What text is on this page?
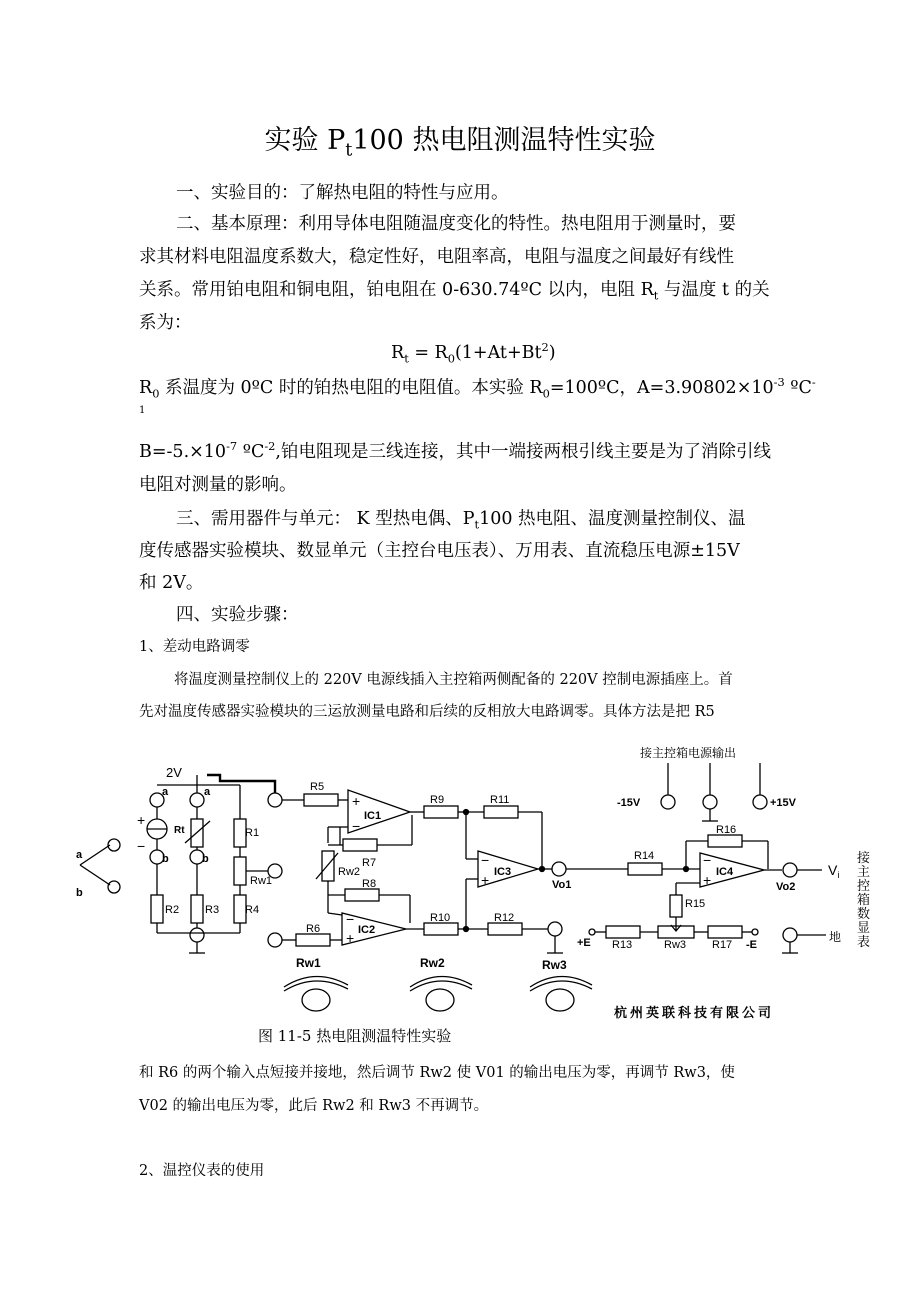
实验 $P_t100$ 热电阻测温特性实验
一、实验目的：了解热电阻的特性与应用。
二、基本原理：利用导体电阻随温度变化的特性。热电阻用于测量时，要
求其材料电阻温度系数大，稳定性好，电阻率高，电阻与温度之间最好有线性
关系。常用铂电阻和铜电阻，铂电阻在 0-630.74ºC 以内，电阻 $R_t$ 与温度 t 的关
系为：
$R_t = R_0(1+At+Bt^2)$
$R_0$ 系温度为 0ºC 时的铂热电阻的电阻值。本实验 $R_0=100ºC$，$A=3.90802\times 10^{-3}$ ºC-
1
$B=-5.\times 10^{-7}$ ºC$^{-2}$,铂电阻现是三线连接，其中一端接两根引线主要是为了消除引线
电阻对测量的影响。
三、需用器件与单元： K 型热电偶、$P_t100$ 热电阻、温度测量控制仪、温
度传感器实验模块、数显单元（主控台电压表）、万用表、直流稳压电源±15V
和 2V。
四、实验步骤：
1、差动电路调零
将温度测量控制仪上的 220V 电源线插入主控箱两侧配备的 220V 控制电源插座上。首
先对温度传感器实验模块的三运放测量电路和后续的反相放大电路调零。具体方法是把 R5
+
−
−
+
−
+
−
+
+
−
2V
a	a
b	b
a
b
Rt	R1
R2 R3 R4
Rw1
R5
R6
R7
R8
Rw2
R9
R10
R11
R12
R13
R14
R15
R16
R17
Rw3
IC1
IC2
IC3	IC4
Vo1	Vo2
-15V	+15V
+E	-E
$V_i$
地
接主控箱电源输出
Rw1	Rw2	Rw3
杭州英联科技有限公司
接主控箱数显表
图 11-5 热电阻测温特性实验
和 R6 的两个输入点短接并接地，然后调节 Rw2 使 V01 的输出电压为零，再调节 Rw3，使
V02 的输出电压为零，此后 Rw2 和 Rw3 不再调节。
2、温控仪表的使用
